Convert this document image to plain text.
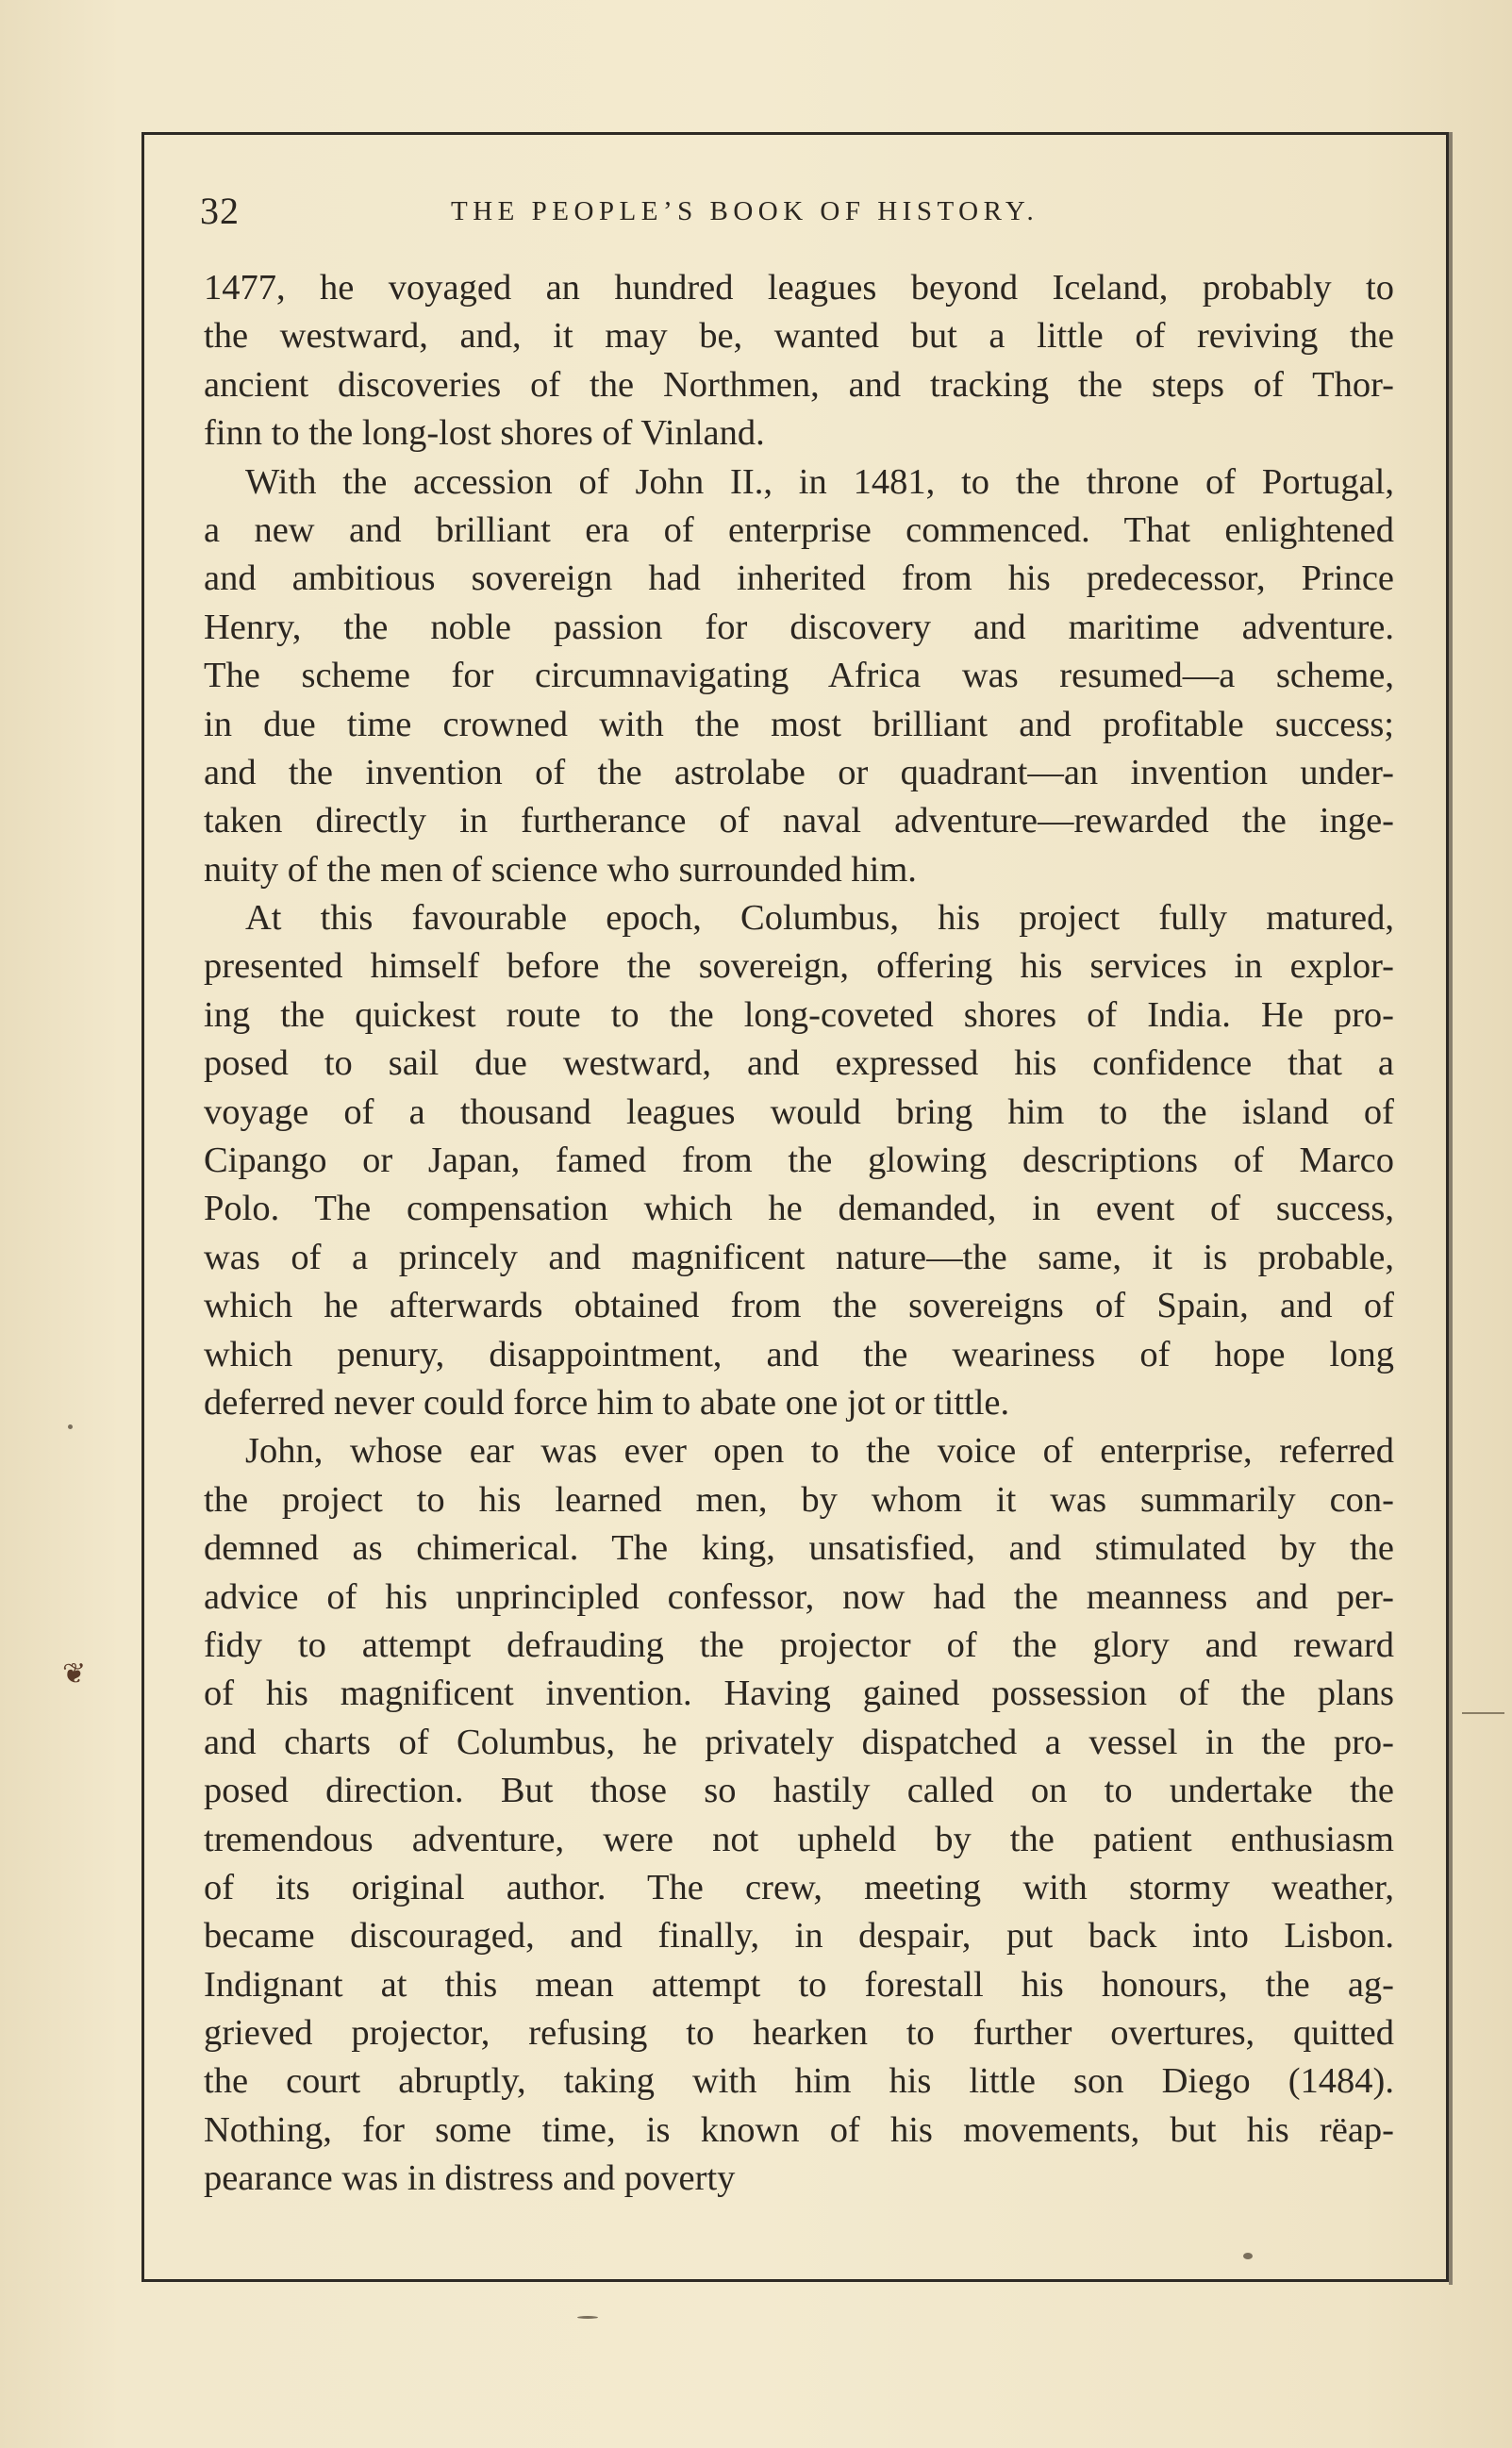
32	THE PEOPLE’S BOOK OF HISTORY.
1477, he voyaged an hundred leagues beyond Iceland, probably to
the westward, and, it may be, wanted but a little of reviving the
ancient discoveries of the Northmen, and tracking the steps of Thor-
finn to the long-lost shores of Vinland.
With the accession of John II., in 1481, to the throne of Portugal,
a new and brilliant era of enterprise commenced. That enlightened
and ambitious sovereign had inherited from his predecessor, Prince
Henry, the noble passion for discovery and maritime adventure.
The scheme for circumnavigating Africa was resumed—a scheme,
in due time crowned with the most brilliant and profitable success;
and the invention of the astrolabe or quadrant—an invention under-
taken directly in furtherance of naval adventure—rewarded the inge-
nuity of the men of science who surrounded him.
At this favourable epoch, Columbus, his project fully matured,
presented himself before the sovereign, offering his services in explor-
ing the quickest route to the long-coveted shores of India. He pro-
posed to sail due westward, and expressed his confidence that a
voyage of a thousand leagues would bring him to the island of
Cipango or Japan, famed from the glowing descriptions of Marco
Polo. The compensation which he demanded, in event of success,
was of a princely and magnificent nature—the same, it is probable,
which he afterwards obtained from the sovereigns of Spain, and of
which penury, disappointment, and the weariness of hope long
deferred never could force him to abate one jot or tittle.
John, whose ear was ever open to the voice of enterprise, referred
the project to his learned men, by whom it was summarily con-
demned as chimerical. The king, unsatisfied, and stimulated by the
advice of his unprincipled confessor, now had the meanness and per-
fidy to attempt defrauding the projector of the glory and reward
of his magnificent invention. Having gained possession of the plans
and charts of Columbus, he privately dispatched a vessel in the pro-
posed direction. But those so hastily called on to undertake the
tremendous adventure, were not upheld by the patient enthusiasm
of its original author. The crew, meeting with stormy weather,
became discouraged, and finally, in despair, put back into Lisbon.
Indignant at this mean attempt to forestall his honours, the ag-
grieved projector, refusing to hearken to further overtures, quitted
the court abruptly, taking with him his little son Diego (1484).
Nothing, for some time, is known of his movements, but his rëap-
pearance was in distress and poverty
❦
